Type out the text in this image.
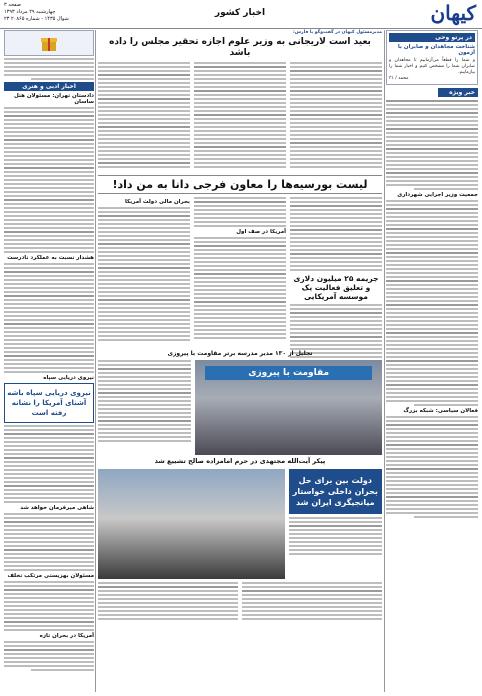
کیهان
اخبار کشور
صفحه ۳
چهارشنبه ۲۹ مرداد ۱۳۹۳
۲۳ شوال ۱۴۳۵ - شماره ۲۰۸۶۵
در پرتو وحی
شناخت مجاهدان و صابران با آزمون
و شما را قطعاً می‌آزماییم تا مجاهدان و صابران شما را مشخص کنیم و اخبار شما را بیازماییم.
محمد / ۳۱
خبر ویژه
جمعیت وزیر اجرایی شهرداری
فعالان سیاسی: شبکه بزرگ
مدیرمسئول کیهان در گفت‌وگو با فارس:
بعید است لاریجانی به وزیر علوم اجازه تحقیر مجلس را داده باشد
لیست بورسیه‌ها را معاون فرجی دانا به من داد!
جریمه ۲۵ میلیون دلاری و تعلیق فعالیت یک موسسه آمریکایی
آمریکا در صف اول
بحران مالی دولت آمریکا
تجلیل از ۱۳۰ مدیر مدرسه برتر مقاومت با پیروزی
مقاومت با پیروزی
پیکر آیت‌الله مجتهدی در حرم امامزاده صالح تشییع شد
دولت بین برای حل بحران داخلی خواستار میانجیگری ایران شد
اخبار ادبی و هنری
دادستان تهران: مسئولان هتل ساسان
هشدار نسبت به عملکرد نادرست
نیروی دریایی سپاه
نیروی دریایی سپاه باشه آشنای آمریکا را نشانه رفته است
شاهی میرفرمان خواهد شد
مسئولان بهزیستی مرتکب تخلف
آمریکا در بحران تازه
